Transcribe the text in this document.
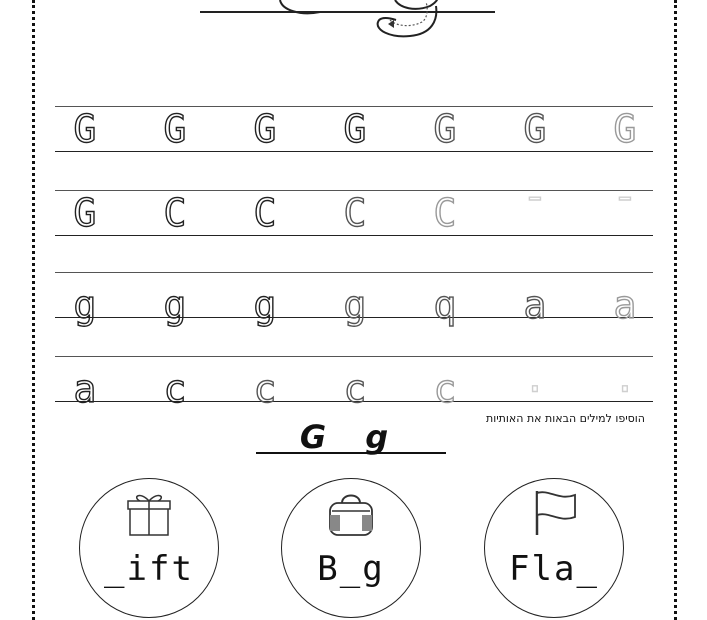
G G G G G G G
G C C C C ˉ ˉ
g g g g q a a
a c c c c · ·
הוסיפו למילים הבאות את האותיות
G g
_ift	B_g	Fla_
